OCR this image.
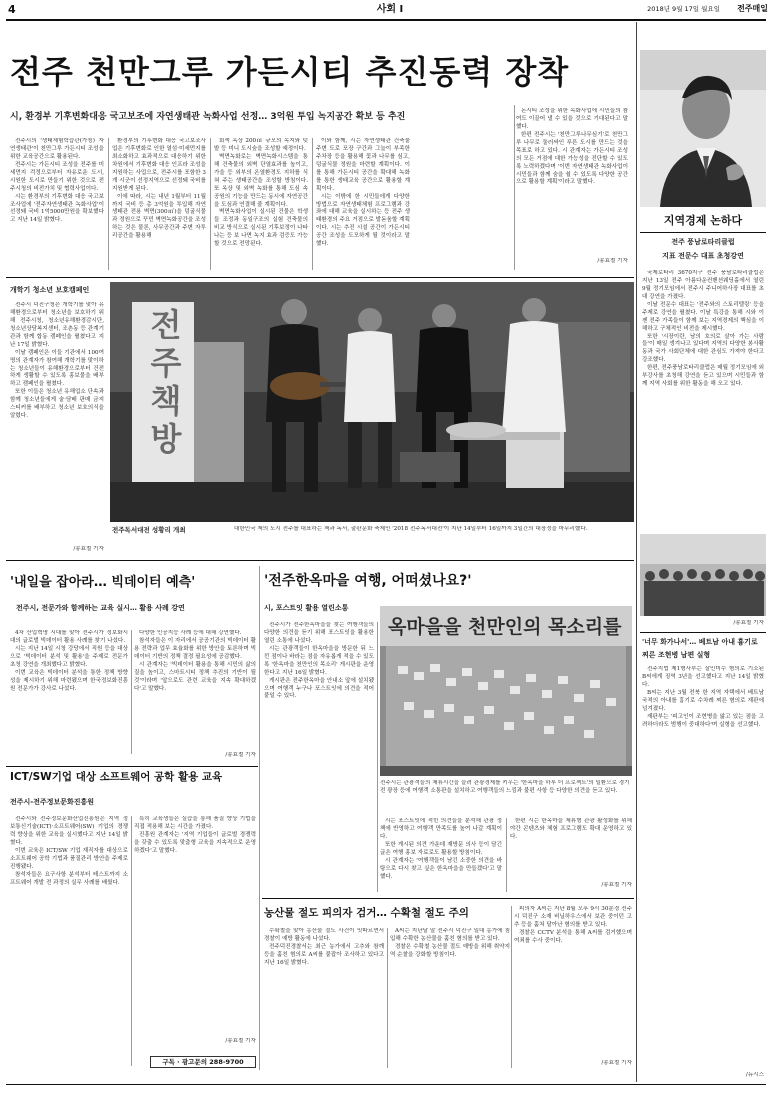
4	사회 I	2018년 9월 17일 월요일	전주매일
전주 천만그루 가든시티 추진동력 장착
시, 환경부 기후변화대응 국고보조에 자연생태관 녹화사업 선정… 3억원 투입 녹지공간 확보 등 추진

전주시의 '생태체험학습관(가칭) 자연생태관'이 천만그루 가든시티 조성을 위한 교육공간으로 활용된다.

전주시는 가든시티 조성을 전주를 미세먼지 걱정으로부터 자유로운 도시, 시원한 도시로 만들기 위한 것으로 전주시청의 비전가치 및 협력사업이다.

시는 환경부의 기후변화 대응 국고보조사업에 '전주자연생태관 녹화사업'이 선정돼 국비 1억5000만원을 확보했다고 지난 14일 밝혔다.

환경부의 기후변화 대응 국고보조사업은 기후변화로 인한 열섬·미세먼지를 최소화하고 효과적으로 대응하기 위한 차원에서 기후변화 대응 인프라 조성을 지원하는 사업으로, 전주시를 포함한 3개 시군이 선정지역으로 선정돼 국비를 지원받게 된다.

이에 따라, 시는 내년 1월부터 11월까지 국비 등 총 3억원을 투입해 자연생태관 전용 벽면(300㎡)을 덩굴식물과 정원으로 꾸민 벽면녹화공간을 조성하는 것은 물론, 사무공간과 주변 자투리공간을 활용해

회색 옥상 200㎡ 규모의 녹지와 텃밭 등 미니 도시숲을 조성할 예정이다.

벽면녹화로는 벽면녹화시스템을 통해 건축물의 외벽 단열효과를 높이고, 가을 등 외부의 온열환경도 지하를 식혀 주는 생태공간을 조성할 방침이다. 또 옥상 및 외벽 녹화를 통해 도심 속 공원의 기능을 만드는 동시에 자연공간을 도심과 연결해 줄 계획이다.

벽면녹화사업이 실시된 건물은 학생들 조정과 동일구조의 실험 건축물의 비교 방식으로 실시된 기후보정이 나타나는 등 보 나면 녹지 효과 검증도 가능할 것으로 전망된다.

이와 함께, 시는 자연생태관 건축물 주변 도로 포장 구간과 그늘이 부족한 주차장 등을 활용해 꽃과 나무를 심고, 덩굴식물 정원을 마련할 계획이다. 이를 통해 가든시티 공간을 확대해 녹화를 통한 생태교육 공간으로 활용할 계획이다.

시는 이밖에 한 시민들에게 다양한 방법으로 자연생태체험 프로그램과 강좌에 대해 교육을 실시하는 등 전주 생태환경의 주요 거점으로 발돋움할 계획이다. 시는 추진 시설 공간이 가든시티 공간 조성을 도모하게 될 것이라고 말했다.

돈시티 조성을 위한 녹화사업에 시민들의 참여도 이끌어 낼 수 있을 것으로 기대된다고 말했다.

한편 전주시는 '천만그루나무심기'로 천만그루 나무로 둘러싸인 푸른 도시를 만드는 것을 목표로 하고 있다. 시 관계자는 가든시티 조성의 모든 거점에 대한 가능성을 진단할 수 있도록 노력하겠다며 '이번 자연생태관 녹화사업이 시민들과 함께 숨을 쉴 수 있도록 다양한 공간으로 활용할 계획'이라고 말했다.

/송효철 기자
지역경제 논하다
전주 풍남로타리클럽
지표 전문수 대표 초청강연

국제로타리 3670지구 전주 풍남로타리클럽은 지난 13일 전주 아름다운컨벤션웨딩홀에서 열린 9월 정기모임에서 전주시 주니어하사장 대표를 초대 강연을 가졌다.

이날 전문수 대표는 '전주와의 스토리텔링' 등을 주제로 강연을 펼쳤다. 이날 특강을 통해 시와 이젠 전주 가족들이 함께 보는 지역경제의 핵심을 이해하고 구체적인 비전을 제시했다.

또한 '시장이란, 남의 호의로 살아 가는 사람들'이 매일 생겨나고 있다며 지역의 다양한 봉사활동과 국가 사회단체에 대한 관심도 가져야 한다고 강조했다.

한편, 전주풍남로타리클럽은 매월 정기모임에 외부강사를 초청해 강연을 듣고 있으며 시민들과 함께 지역 사회를 위한 활동을 해 오고 있다.

/송효철 기자
'너무 화가나서'… 베트남 아내 흉기로 찌른 조현병 남편 실형

전주지법 제1형사부는 살인미수 혐의로 기소된 B씨에게 징역 3년을 선고했다고 지난 14일 밝혔다.

B씨는 지난 3월 전북 한 지역 자택에서 베트남 국적의 아내를 흉기로 수차례 찌른 혐의로 재판에 넘겨졌다.

재판부는 '피고인이 조현병을 앓고 있는 점을 고려하더라도 범행이 중대하다'며 실형을 선고했다.

/뉴시스
개학기 청소년 보호캠페인

전주시 덕진구청은 개학기를 맞아 유해환경으로부터 청소년을 보호하기 위해 전주시청, 청소년유해환경감시단, 청소년상담복지센터, 조촌동 등 관계기관과 함께 합동 캠페인을 펼쳤다고 지난 17일 밝혔다.

이날 캠페인은 이들 기관에서 100여명의 관계자가 참여해 개학기를 맞이하는 청소년들이 유해환경으로부터 건전하게 생활할 수 있도록 홍보물을 배부하고 캠페인을 펼쳤다.

또한 이들은 청소년 유해업소 단속과 함께 청소년들에게 술·담배 판매 금지 스티커를 배부하고 청소년 보호의식을 알렸다.

/송효철 기자
전주책방
전주독서대전 성황리 개최	대한민국 책의 도시 전주를 대표하는 책과 독서, 출판문화 축제인 '2018 전주독서대전'이 지난 14일부터 16일까지 3일간의 대장정을 마무리했다.
'내일을 잡아라… 빅데이터 예측'
전주시, 전문가와 함께하는 교육 실시… 활용 사례 강연

4차 산업혁명 시대를 맞아 전주시가 정보화시대의 글로벌 빅데이터 활용 사례를 찾기 나섰다.

시는 지난 14일 시청 강당에서 직원 등을 대상으로 '빅데이터 분석 및 활용'을 주제로 전문가 초청 강연을 개최했다고 밝혔다.

이번 교육은 빅데이터 분석을 통한 정책 방향성을 제시하기 위해 마련됐으며 한국정보화진흥원 전문가가 강사로 나섰다.

다양한 인공지능 사례 등에 대해 강연했다.

참석자들은 이 자리에서 공공기관의 빅데이터 활용 전략과 업무 효율화를 위한 방안을 토론하며 빅데이터 기반의 정책 결정 필요성에 공감했다.

시 관계자는 '빅데이터 활용을 통해 시민의 삶의 질을 높이고, 스마트시티 정책 추진의 기반이 될 것'이라며 '앞으로도 관련 교육을 지속 확대하겠다'고 말했다.

/송효철 기자
ICT/SW기업 대상 소프트웨어 공학 활용 교육
전주시-전주정보문화진흥원

전주시와 전주정보문화산업진흥원은 지역 정보통신기술(ICT)·소프트웨어(SW) 기업의 경쟁력 향상을 위한 교육을 실시했다고 지난 14일 밝혔다.

이번 교육은 ICT/SW 기업 재직자를 대상으로 소프트웨어 공학 기법과 품질관리 방안을 주제로 진행됐다.

참석자들은 요구사항 분석부터 테스트까지 소프트웨어 개발 전 과정의 실무 사례를 배웠다.

특히 교육생들은 실습을 통해 품질 향상 기법을 직접 적용해 보는 시간을 가졌다.

진흥원 관계자는 '지역 기업들이 글로벌 경쟁력을 갖출 수 있도록 맞춤형 교육을 지속적으로 운영하겠다'고 말했다.

/송효철 기자
구독 · 광고문의 288-9700
'전주한옥마을 여행, 어떠셨나요?'
시, 포스트잇 활용 열린소통

전주시가 전주한옥마을을 찾는 여행객들의 다양한 의견을 듣기 위해 포스트잇을 활용한 열린 소통에 나섰다.

시는 관광객들이 한옥마을을 방문한 뒤 느낀 점이나 바라는 점을 자유롭게 적을 수 있도록 '한옥마을 천만인의 목소리' 게시판을 운영한다고 지난 16일 밝혔다.

게시판은 전주한옥마을 안내소 앞에 설치됐으며 여행객 누구나 포스트잇에 의견을 적어 붙일 수 있다.

옥마을을 천만인의 목소리를
전주시는 관광객들의 체류시간을 늘려 관광경제를 키우는 '한옥마을 하루 더 프로젝트'의 일환으로 경기전 광장 등에 여행객 소통판을 설치하고 여행객들의 느낌과 불편 사항 등 다양한 의견을 듣고 있다.

시는 포스트잇에 적힌 의견들을 분석해 관광 정책에 반영하고 여행객 만족도를 높여 나갈 계획이다.

또한 게시된 의견 가운데 재방문 의사 등이 담긴 글은 여행 홍보 자료로도 활용할 방침이다.

시 관계자는 '여행객들이 남긴 소중한 의견을 바탕으로 다시 찾고 싶은 한옥마을을 만들겠다'고 말했다.

한편 시는 한옥마을 체류형 관광 활성화를 위해 야간 콘텐츠와 체험 프로그램도 확대 운영하고 있다.

/송효철 기자
농산물 절도 피의자 검거… 수확철 절도 주의

수확철을 맞아 농산물 절도 사건이 잇따르면서 경찰이 예방 활동에 나섰다.

전주덕진경찰서는 최근 농가에서 고추와 참깨 등을 훔친 혐의로 A씨를 붙잡아 조사하고 있다고 지난 16일 밝혔다.

A씨는 지난달 말 전주시 덕진구 일대 농가에 침입해 수확한 농산물을 훔친 혐의를 받고 있다.

경찰은 수확철 농산물 절도 예방을 위해 취약지역 순찰을 강화할 방침이다.

피의자 A씨는 지난 8월 오후 9시 30분경 전주시 덕진구 소재 비닐하우스에서 보관 중이던 고추 등을 훔쳐 달아난 혐의를 받고 있다.

경찰은 CCTV 분석을 통해 A씨를 검거했으며 여죄를 수사 중이다.

/송효철 기자
